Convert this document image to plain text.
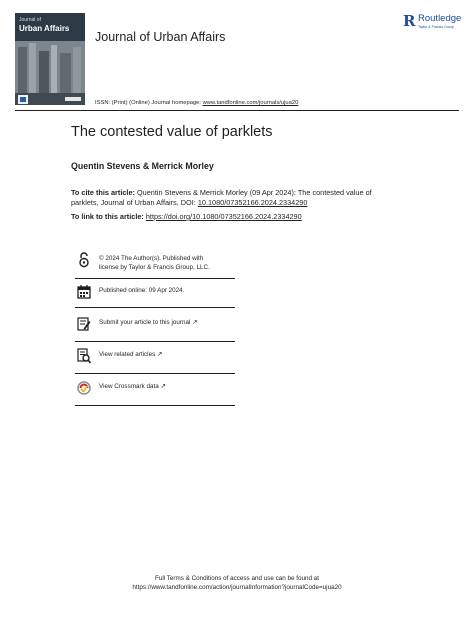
Journal of
Urban Affairs
Journal of Urban Affairs
R Routledge
Taylor & Francis Group
ISSN: (Print) (Online) Journal homepage: www.tandfonline.com/journals/ujua20
The contested value of parklets
Quentin Stevens & Merrick Morley
To cite this article: Quentin Stevens & Merrick Morley (09 Apr 2024): The contested value of parklets, Journal of Urban Affairs, DOI: 10.1080/07352166.2024.2334290
To link to this article: https://doi.org/10.1080/07352166.2024.2334290
© 2024 The Author(s). Published with
license by Taylor & Francis Group, LLC.
Published online: 09 Apr 2024.
Submit your article to this journal ↗
View related articles ↗
View Crossmark data ↗
Full Terms & Conditions of access and use can be found at
https://www.tandfonline.com/action/journalInformation?journalCode=ujua20
